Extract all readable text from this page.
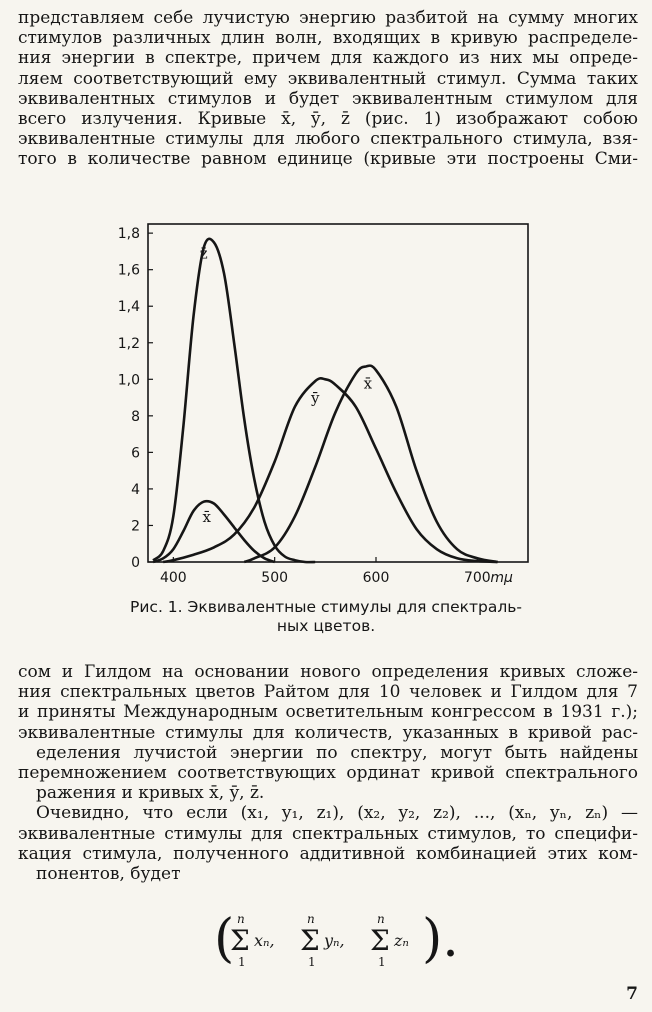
представляем себе лучистую энергию разбитой на сумму многих
стимулов различных длин волн, входящих в кривую распределе-
ния энергии в спектре, причем для каждого из них мы опреде-
ляем соответствующий ему эквивалентный стимул. Сумма таких
эквивалентных стимулов и будет эквивалентным стимулом для
всего излучения. Кривые x̄, ȳ, z̄ (рис. 1) изображают собою
эквивалентные стимулы для любого спектрального стимула, взя-
того в количестве равном единице (кривые эти построены Сми-
0
2
4
6
8
1,0
1,2
1,4
1,6
1,8
400	500	600	700 mμ
z̄
x̄
ȳ
x̄
Рис. 1. Эквивалентные стимулы для спектраль-
ных цветов.
сом и Гилдом на основании нового определения кривых сложе-
ния спектральных цветов Райтом для 10 человек и Гилдом для 7
и приняты Международным осветительным конгрессом в 1931 г.);
эквивалентные стимулы для количеств, указанных в кривой рас-
еделения лучистой энергии по спектру, могут быть найдены
перемножением соответствующих ординат кривой спектрального
ражения и кривых x̄, ȳ, z̄.
Очевидно, что если (x₁, y₁, z₁), (x₂, y₂, z₂), ..., (xₙ, yₙ, zₙ) —
эквивалентные стимулы для спектральных стимулов, то специфи-
кация стимула, полученного аддитивной комбинацией этих ком-
понентов, будет
( n
Σ
1
xₙ,
n
Σ
1
yₙ,
n
Σ
1
zₙ ).
7
